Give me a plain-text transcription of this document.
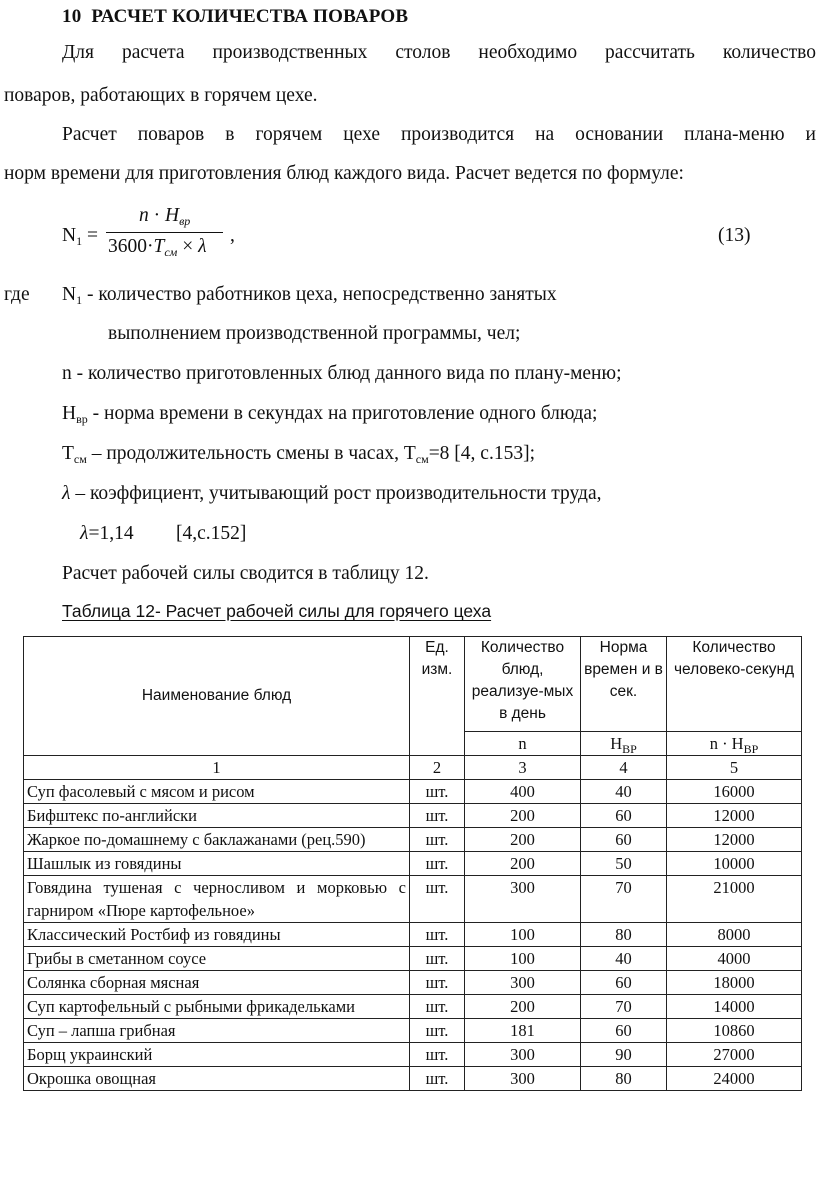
10 РАСЧЕТ КОЛИЧЕСТВА ПОВАРОВ
Для расчета производственных столов необходимо рассчитать количество
поваров, работающих в горячем цехе.
Расчет поваров в горячем цехе производится на основании плана-меню и
норм времени для приготовления блюд каждого вида. Расчет ведется по формуле:
$N_1$ =
$n \cdot H_{вр}$
$3600\cdot T_{см} \times \lambda$
,	(13)
где $N_1$ - количество работников цеха, непосредственно занятых
выполнением производственной программы, чел;
n - количество приготовленных блюд данного вида по плану-меню;
$Н_{вр}$ - норма времени в секундах на приготовление одного блюда;
$Т_{см}$ – продолжительность смены в часах, $Т_{см}=8$ [4, с.153];
λ – коэффициент, учитывающий рост производительности труда,
λ=1,14 [4,с.152]
Расчет рабочей силы сводится в таблицу 12.
Таблица 12- Расчет рабочей силы для горячего цеха
Наименование блюд	Ед. изм.	Количество блюд, реализуе-мых в день	Норма времен и в сек.	Количество человеко-секунд
		n	$Н_{ВР}$	$n \cdot Н_{ВР}$
1	2	3	4	5
Суп фасолевый с мясом и рисом	шт.	400	40	16000
Бифштекс по-английски	шт.	200	60	12000
Жаркое по-домашнему с баклажанами (рец.590)	шт.	200	60	12000
Шашлык из говядины	шт.	200	50	10000
Говядина тушеная с черносливом и морковью с гарниром «Пюре картофельное»	шт.	300	70	21000
Классический Ростбиф из говядины	шт.	100	80	8000
Грибы в сметанном соусе	шт.	100	40	4000
Солянка сборная мясная	шт.	300	60	18000
Суп картофельный с рыбными фрикадельками	шт.	200	70	14000
Суп – лапша грибная	шт.	181	60	10860
Борщ украинский	шт.	300	90	27000
Окрошка овощная	шт.	300	80	24000
